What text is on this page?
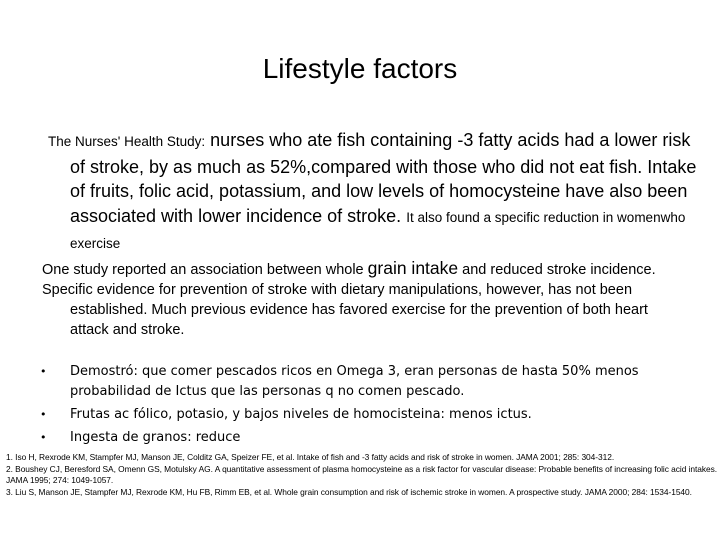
Lifestyle factors
The Nurses' Health Study: nurses who ate fish containing -3 fatty acids had a lower risk of stroke, by as much as 52%,compared with those who did not eat fish. Intake of fruits, folic acid, potassium, and low levels of homocysteine have also been associated with lower incidence of stroke. It also found a specific reduction in womenwho exercise

One study reported an association between whole grain intake and reduced stroke incidence.

Specific evidence for prevention of stroke with dietary manipulations, however, has not been established. Much previous evidence has favored exercise for the prevention of both heart attack and stroke.

•	Demostró: que comer pescados ricos en Omega 3, eran personas de hasta 50% menos probabilidad de Ictus que las personas q no comen pescado.
•	Frutas ac fólico, potasio, y bajos niveles de homocisteina: menos ictus.
•	Ingesta de granos: reduce

1. Iso H, Rexrode KM, Stampfer MJ, Manson JE, Colditz GA, Speizer FE, et al. Intake of fish and -3 fatty acids and risk of stroke in women. JAMA 2001; 285: 304-312.

2. Boushey CJ, Beresford SA, Omenn GS, Motulsky AG. A quantitative assessment of plasma homocysteine as a risk factor for vascular disease: Probable benefits of increasing folic acid intakes. JAMA 1995; 274: 1049-1057.

3. Liu S, Manson JE, Stampfer MJ, Rexrode KM, Hu FB, Rimm EB, et al. Whole grain consumption and risk of ischemic stroke in women. A prospective study. JAMA 2000; 284: 1534-1540.
